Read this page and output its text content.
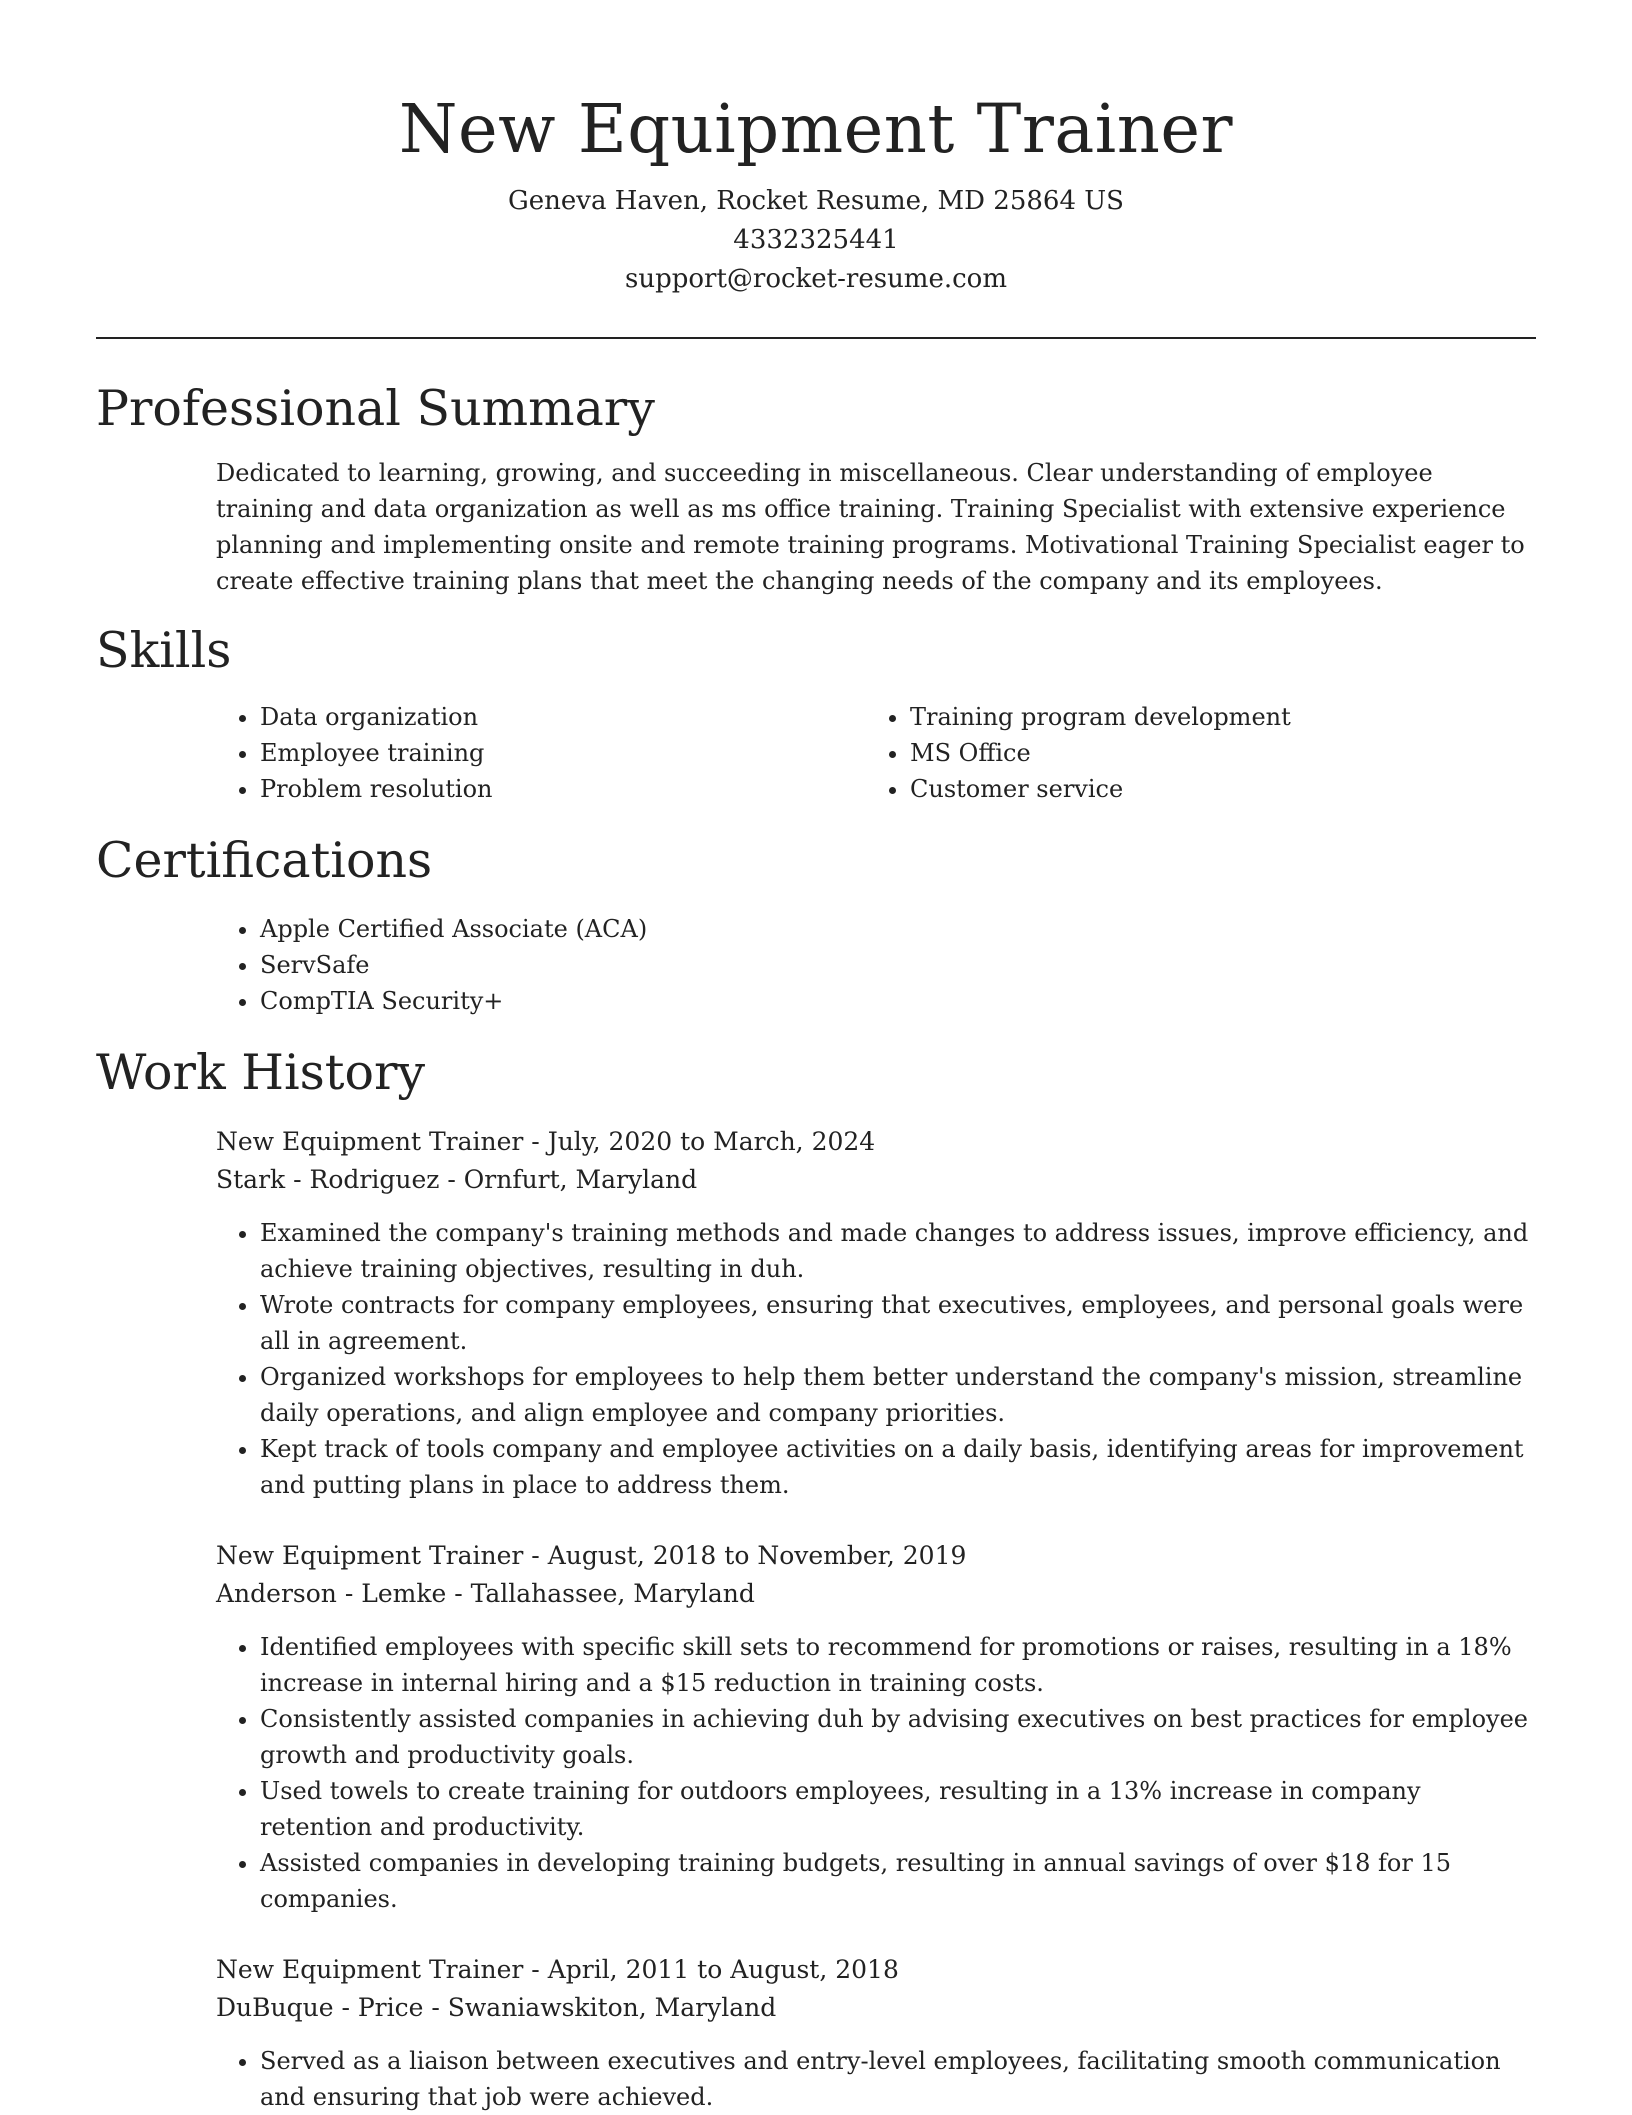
New Equipment Trainer
Geneva Haven, Rocket Resume, MD 25864 US
4332325441
support@rocket-resume.com
Professional Summary
Dedicated to learning, growing, and succeeding in miscellaneous. Clear understanding of employee training and data organization as well as ms office training. Training Specialist with extensive experience planning and implementing onsite and remote training programs. Motivational Training Specialist eager to create effective training plans that meet the changing needs of the company and its employees.
Skills
• Data organization
• Employee training
• Problem resolution
• Training program development
• MS Office
• Customer service
Certifications
• Apple Certified Associate (ACA)
• ServSafe
• CompTIA Security+
Work History

New Equipment Trainer - July, 2020 to March, 2024

Stark - Rodriguez - Ornfurt, Maryland

• Examined the company's training methods and made changes to address issues, improve efficiency, and achieve training objectives, resulting in duh.
• Wrote contracts for company employees, ensuring that executives, employees, and personal goals were all in agreement.
• Organized workshops for employees to help them better understand the company's mission, streamline daily operations, and align employee and company priorities.
• Kept track of tools company and employee activities on a daily basis, identifying areas for improvement and putting plans in place to address them.

New Equipment Trainer - August, 2018 to November, 2019

Anderson - Lemke - Tallahassee, Maryland

• Identified employees with specific skill sets to recommend for promotions or raises, resulting in a 18% increase in internal hiring and a $15 reduction in training costs.
• Consistently assisted companies in achieving duh by advising executives on best practices for employee growth and productivity goals.
• Used towels to create training for outdoors employees, resulting in a 13% increase in company retention and productivity.
• Assisted companies in developing training budgets, resulting in annual savings of over $18 for 15 companies.

New Equipment Trainer - April, 2011 to August, 2018

DuBuque - Price - Swaniawskiton, Maryland

• Served as a liaison between executives and entry-level employees, facilitating smooth communication and ensuring that job were achieved.
